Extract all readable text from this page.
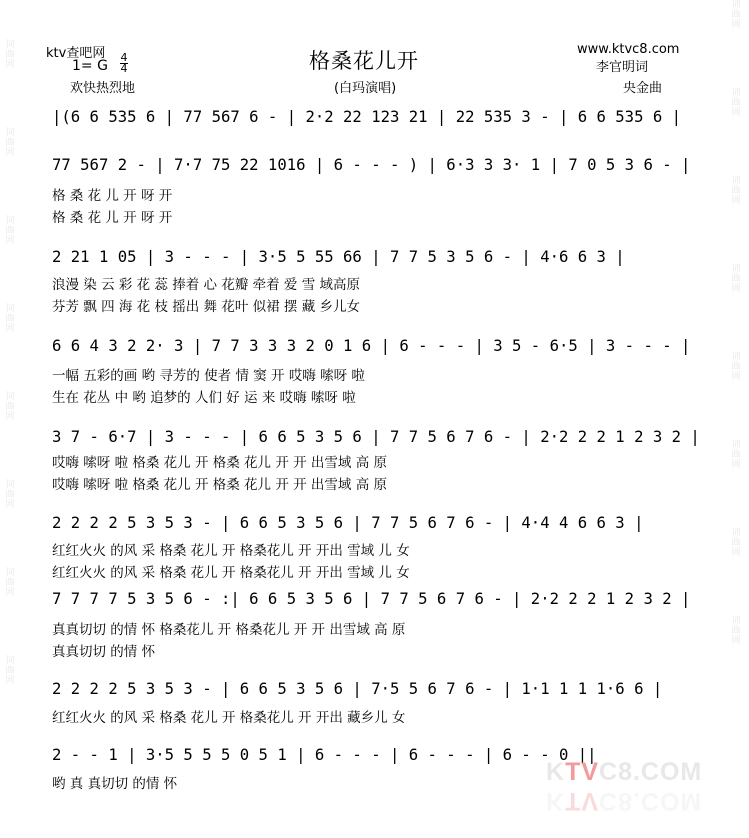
词曲网
词曲网
词曲网
词曲网
词曲网
词曲网
词曲网
词曲网
词曲网
词曲网
词曲网
词曲网
词曲网
词曲网
词曲网
词曲网
ktv查吧网
1= G
4
4	格桑花儿开	www.ktvc8.com
李官明词
(白玛演唱)
欢快热烈地	央金曲
|(6 6 535 6 | 77 567 6 - | 2·2 22 123 21 | 22 535 3 - | 6 6 535 6 |
77 567 2 - | 7·7 75 22 1016 | 6 - - - ) | 6·3 3 3· 1 | 7 0 5 3 6 - |
格 桑 花 儿 开 呀 开
格 桑 花 儿 开 呀 开
2 21 1 05 | 3 - - - | 3·5 5 55 66 | 7 7 5 3 5 6 - | 4·6 6 3 |
浪漫 染 云 彩 花 蕊 捧着 心 花瓣 牵着 爱 雪 域高原
芬芳 飘 四 海 花 枝 摇出 舞 花叶 似裙 摆 藏 乡儿女
6 6 4 3 2 2· 3 | 7 7 3 3 3 2 0 1 6 | 6 - - - | 3 5 - 6·5 | 3 - - - |
一幅 五彩的画 哟 寻芳的 使者 情 窦 开 哎嗨 嗦呀 啦
生在 花丛 中 哟 追梦的 人们 好 运 来 哎嗨 嗦呀 啦
3 7 - 6·7 | 3 - - - | 6 6 5 3 5 6 | 7 7 5 6 7 6 - | 2·2 2 2 1 2 3 2 |
哎嗨 嗦呀 啦 格桑 花儿 开 格桑 花儿 开 开 出雪域 高 原
哎嗨 嗦呀 啦 格桑 花儿 开 格桑 花儿 开 开 出雪域 高 原
2 2 2 2 5 3 5 3 - | 6 6 5 3 5 6 | 7 7 5 6 7 6 - | 4·4 4 6 6 3 |
红红火火 的风 采 格桑 花儿 开 格桑花儿 开 开出 雪域 儿 女
红红火火 的风 采 格桑 花儿 开 格桑花儿 开 开出 雪域 儿 女
7 7 7 7 5 3 5 6 - :| 6 6 5 3 5 6 | 7 7 5 6 7 6 - | 2·2 2 2 1 2 3 2 |
真真切切 的情 怀 格桑花儿 开 格桑花儿 开 开 出雪域 高 原
真真切切 的情 怀
2 2 2 2 5 3 5 3 - | 6 6 5 3 5 6 | 7·5 5 6 7 6 - | 1·1 1 1 1·6 6 |
红红火火 的风 采 格桑 花儿 开 格桑花儿 开 开出 藏乡儿 女
2 - - 1 | 3·5 5 5 5 0 5 1 | 6 - - - | 6 - - - | 6 - - 0 ||
哟 真 真切切 的情 怀	KTVC8.COM
KTVC8.COM
